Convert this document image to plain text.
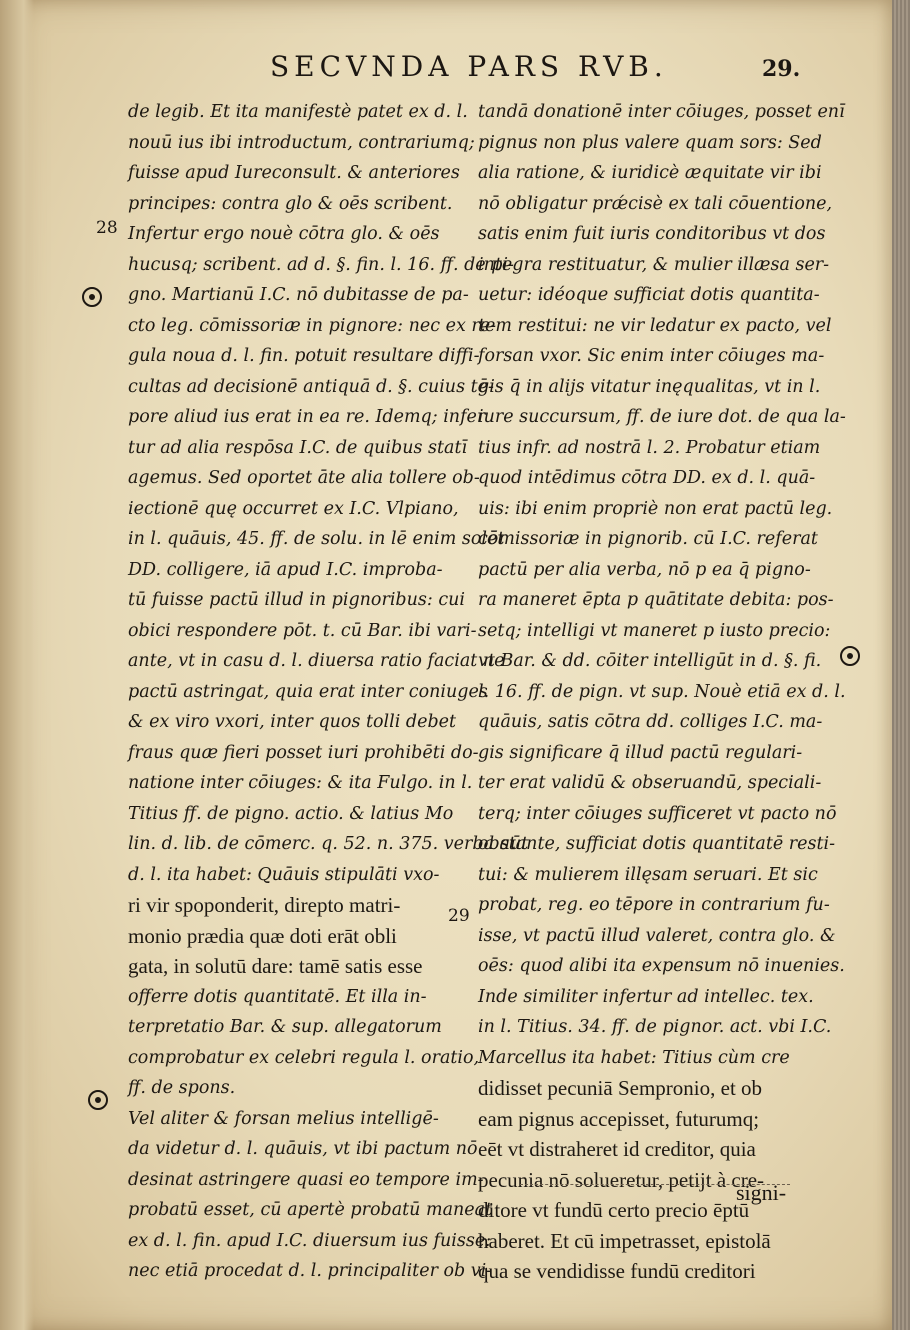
SECVNDA PARS RVB.	29.
28
29
de legib. Et ita manifestè patet ex d. l.
nouū ius ibi introductum, contrariumq;
fuisse apud Iureconsult. & anteriores
principes: contra glo & oēs scribent.
Infertur ergo nouè cōtra glo. & oēs
hucusq; scribent. ad d. §. fin. l. 16. ff. de pi-
gno. Martianū I.C. nō dubitasse de pa-
cto leg. cōmissoriæ in pignore: nec ex re-
gula noua d. l. fin. potuit resultare diffi-
cultas ad decisionē antiquā d. §. cuius tē-
pore aliud ius erat in ea re. Idemq; infer
tur ad alia respōsa I.C. de quibus statī
agemus. Sed oportet āte alia tollere ob-
iectionē quę occurret ex I.C. Vlpiano,
in l. quāuis, 45. ff. de solu. in lē enim solēt
DD. colligere, iā apud I.C. improba-
tū fuisse pactū illud in pignoribus: cui
obici respondere pōt. t. cū Bar. ibi vari-
ante, vt in casu d. l. diuersa ratio faciat ne
pactū astringat, quia erat inter coniuges
& ex viro vxori, inter quos tolli debet
fraus quæ fieri posset iuri prohibēti do-
natione inter cōiuges: & ita Fulgo. in l.
Titius ff. de pigno. actio. & latius Mo
lin. d. lib. de cōmerc. q. 52. n. 375. verba aūt
d. l. ita habet: Quāuis stipulāti vxo-
ri vir spoponderit, direpto matri-
monio prædia quæ doti erāt obli
gata, in solutū dare: tamē satis esse
offerre dotis quantitatē. Et illa in-
terpretatio Bar. & sup. allegatorum
comprobatur ex celebri regula l. oratio,
ff. de spons.
Vel aliter & forsan melius intelligē-
da videtur d. l. quāuis, vt ibi pactum nō
desinat astringere quasi eo tempore im-
probatū esset, cū apertè probatū maneat
ex d. l. fin. apud I.C. diuersum ius fuisse:
nec etiā procedat d. l. principaliter ob vi-
tandā donationē inter cōiuges, posset enī
pignus non plus valere quam sors: Sed
alia ratione, & iuridicè æquitate vir ibi
nō obligatur prǽcisè ex tali cōuentione,
satis enim fuit iuris conditoribus vt dos
integra restituatur, & mulier illæsa ser-
uetur: idéoque sufficiat dotis quantita-
tem restitui: ne vir ledatur ex pacto, vel
forsan vxor. Sic enim inter cōiuges ma-
gis q̄ in alijs vitatur inęqualitas, vt in l.
iure succursum, ff. de iure dot. de qua la-
tius infr. ad nostrā l. 2. Probatur etiam
quod intēdimus cōtra DD. ex d. l. quā-
uis: ibi enim propriè non erat pactū leg.
cōmissoriæ in pignorib. cū I.C. referat
pactū per alia verba, nō p ea q̄ pigno-
ra maneret ēpta p quātitate debita: pos-
setq; intelligi vt maneret p iusto precio:
vt Bar. & dd. cōiter intelligūt in d. §. fi.
l. 16. ff. de pign. vt sup. Nouè etiā ex d. l.
quāuis, satis cōtra dd. colliges I.C. ma-
gis significare q̄ illud pactū regulari-
ter erat validū & obseruandū, speciali-
terq; inter cōiuges sufficeret vt pacto nō
obstante, sufficiat dotis quantitatē resti-
tui: & mulierem illęsam seruari. Et sic
probat, reg. eo tēpore in contrarium fu-
isse, vt pactū illud valeret, contra glo. &
oēs: quod alibi ita expensum nō inuenies.
Inde similiter infertur ad intellec. tex.
in l. Titius. 34. ff. de pignor. act. vbi I.C.
Marcellus ita habet: Titius cùm cre
didisset pecuniā Sempronio, et ob
eam pignus accepisset, futurumq;
eēt vt distraheret id creditor, quia
pecunia nō solueretur, petijt à cre-
ditore vt fundū certo precio ēptū
haberet. Et cū impetrasset, epistolā
qua se vendidisse fundū creditori
signi-
